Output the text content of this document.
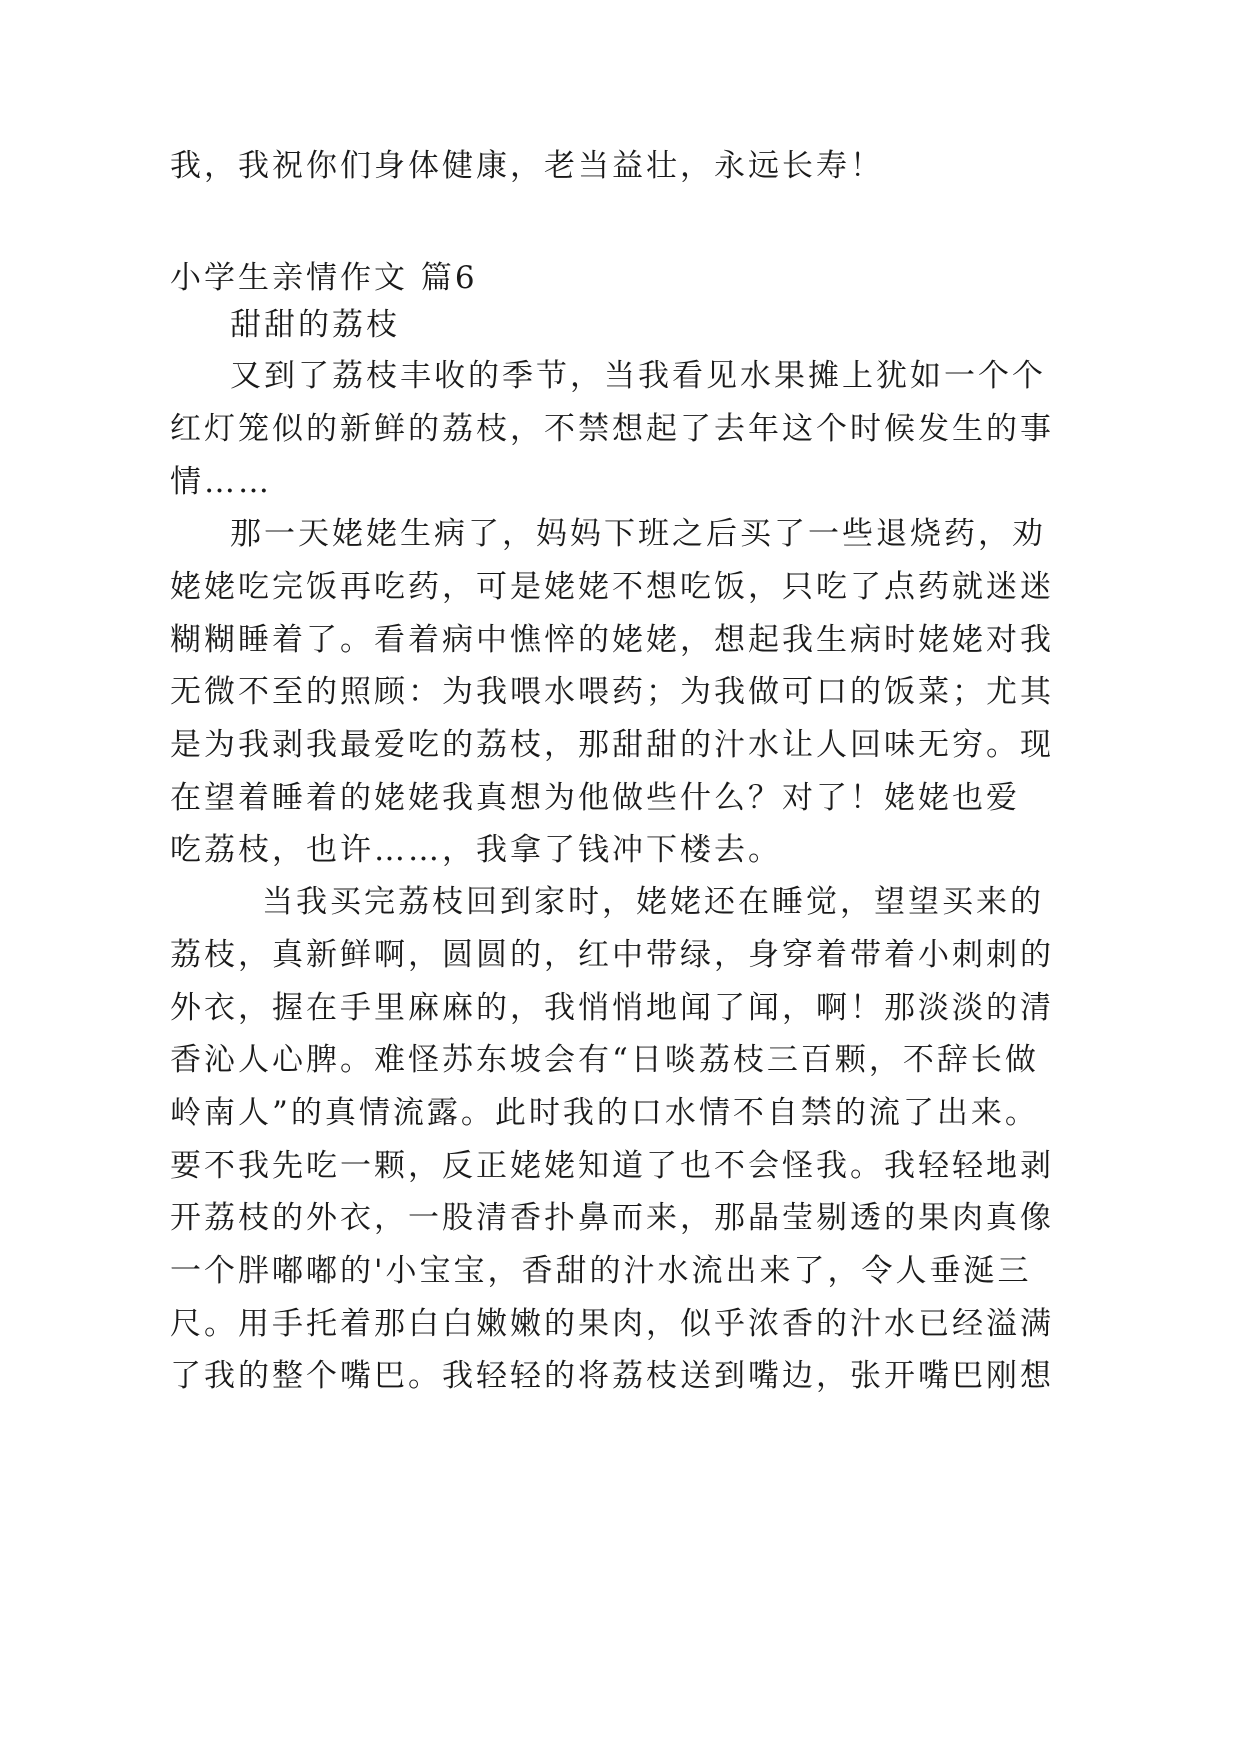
我，我祝你们身体健康，老当益壮，永远长寿！
小学生亲情作文 篇6
甜甜的荔枝
又到了荔枝丰收的季节，当我看见水果摊上犹如一个个
红灯笼似的新鲜的荔枝，不禁想起了去年这个时候发生的事
情……
那一天姥姥生病了，妈妈下班之后买了一些退烧药，劝
姥姥吃完饭再吃药，可是姥姥不想吃饭，只吃了点药就迷迷
糊糊睡着了。看着病中憔悴的姥姥，想起我生病时姥姥对我
无微不至的照顾：为我喂水喂药；为我做可口的饭菜；尤其
是为我剥我最爱吃的荔枝，那甜甜的汁水让人回味无穷。现
在望着睡着的姥姥我真想为他做些什么？对了！姥姥也爱
吃荔枝，也许……，我拿了钱冲下楼去。
当我买完荔枝回到家时，姥姥还在睡觉，望望买来的
荔枝，真新鲜啊，圆圆的，红中带绿，身穿着带着小刺刺的
外衣，握在手里麻麻的，我悄悄地闻了闻，啊！那淡淡的清
香沁人心脾。难怪苏东坡会有“日啖荔枝三百颗，不辞长做
岭南人”的真情流露。此时我的口水情不自禁的流了出来。
要不我先吃一颗，反正姥姥知道了也不会怪我。我轻轻地剥
开荔枝的外衣，一股清香扑鼻而来，那晶莹剔透的果肉真像
一个胖嘟嘟的'小宝宝，香甜的汁水流出来了，令人垂涎三
尺。用手托着那白白嫩嫩的果肉，似乎浓香的汁水已经溢满
了我的整个嘴巴。我轻轻的将荔枝送到嘴边，张开嘴巴刚想
